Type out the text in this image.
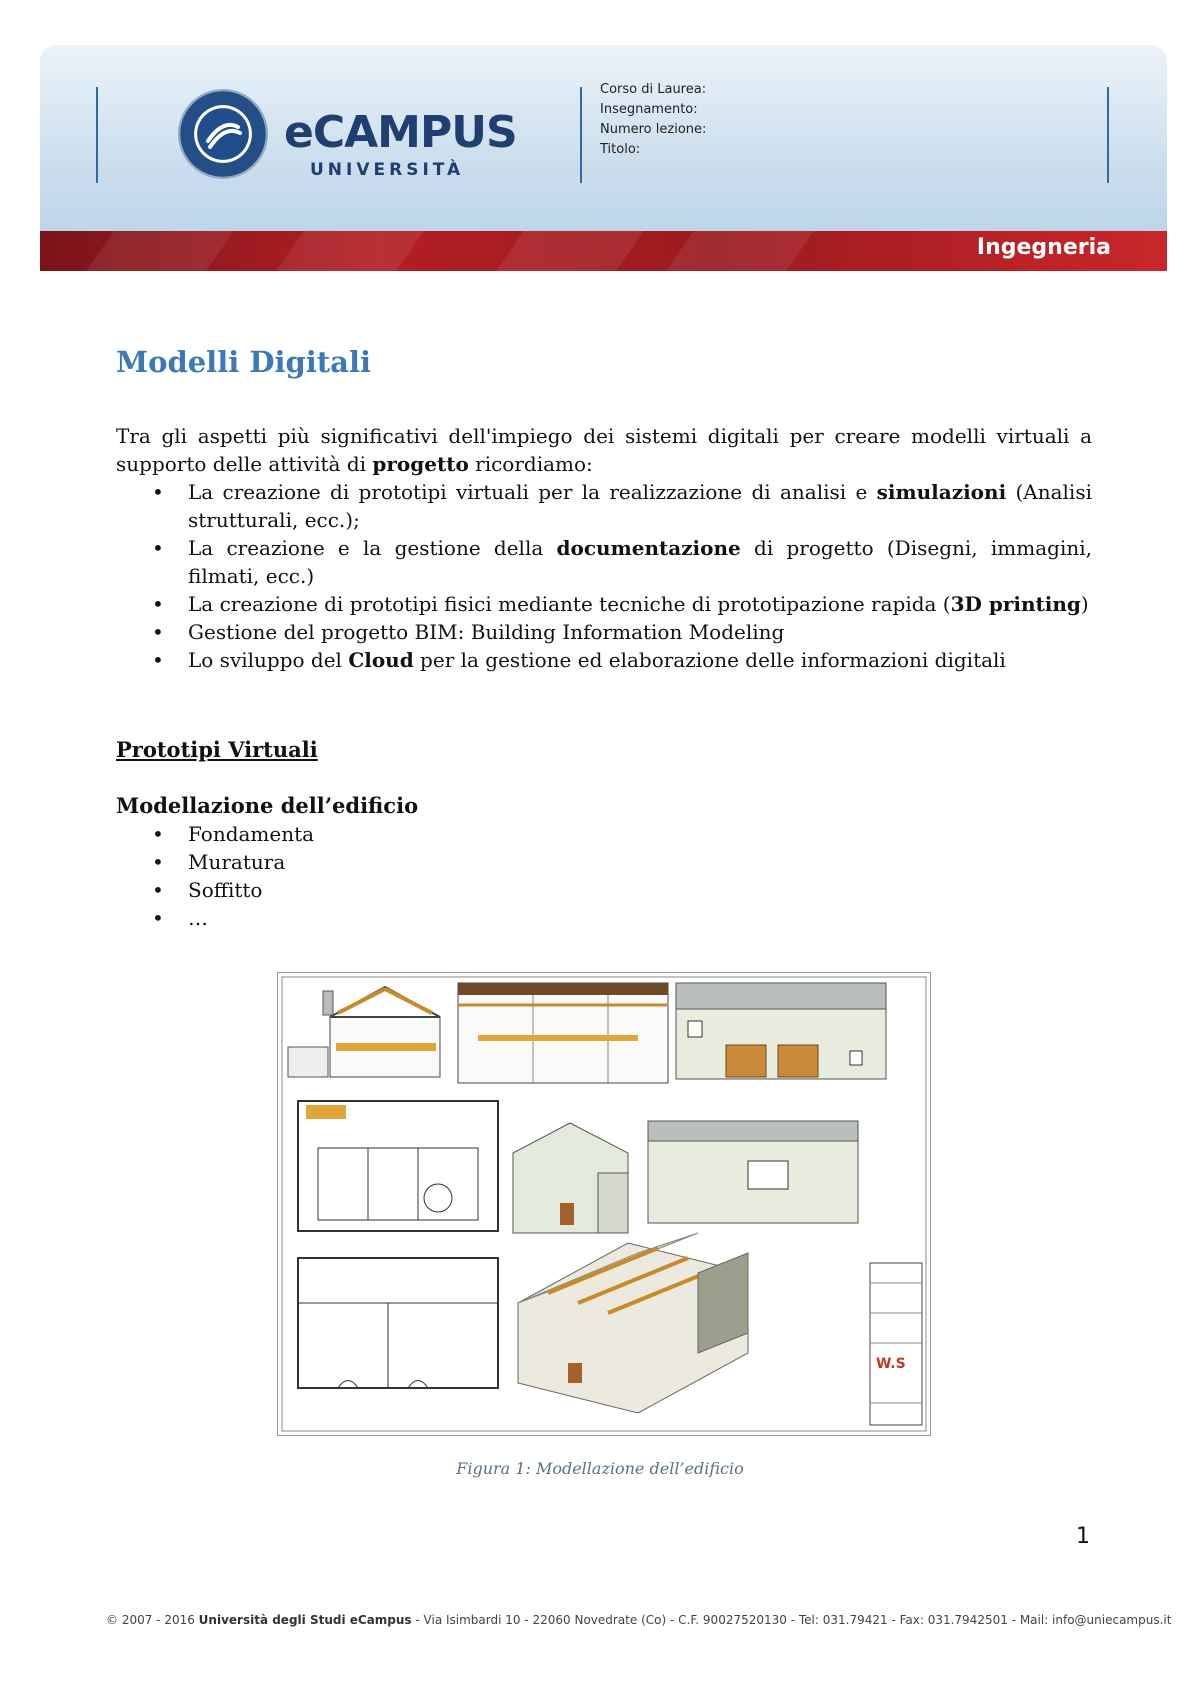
eCAMPUS
UNIVERSITÀ
Corso di Laurea:
Insegnamento:
Numero lezione:
Titolo:
Ingegneria
Modelli Digitali
Tra gli aspetti più significativi dell'impiego dei sistemi digitali per creare modelli virtuali a supporto delle attività di progetto ricordiamo:
• La creazione di prototipi virtuali per la realizzazione di analisi e simulazioni (Analisi strutturali, ecc.);
• La creazione e la gestione della documentazione di progetto (Disegni, immagini, filmati, ecc.)
• La creazione di prototipi fisici mediante tecniche di prototipazione rapida (3D printing)
• Gestione del progetto BIM: Building Information Modeling
• Lo sviluppo del Cloud per la gestione ed elaborazione delle informazioni digitali
Prototipi Virtuali
Modellazione dell’edificio
• Fondamenta
• Muratura
• Soffitto
• …
W.S
Figura 1: Modellazione dell’edificio
1
© 2007 - 2016 Università degli Studi eCampus - Via Isimbardi 10 - 22060 Novedrate (Co) - C.F. 90027520130 - Tel: 031.79421 - Fax: 031.7942501 - Mail: info@uniecampus.it
